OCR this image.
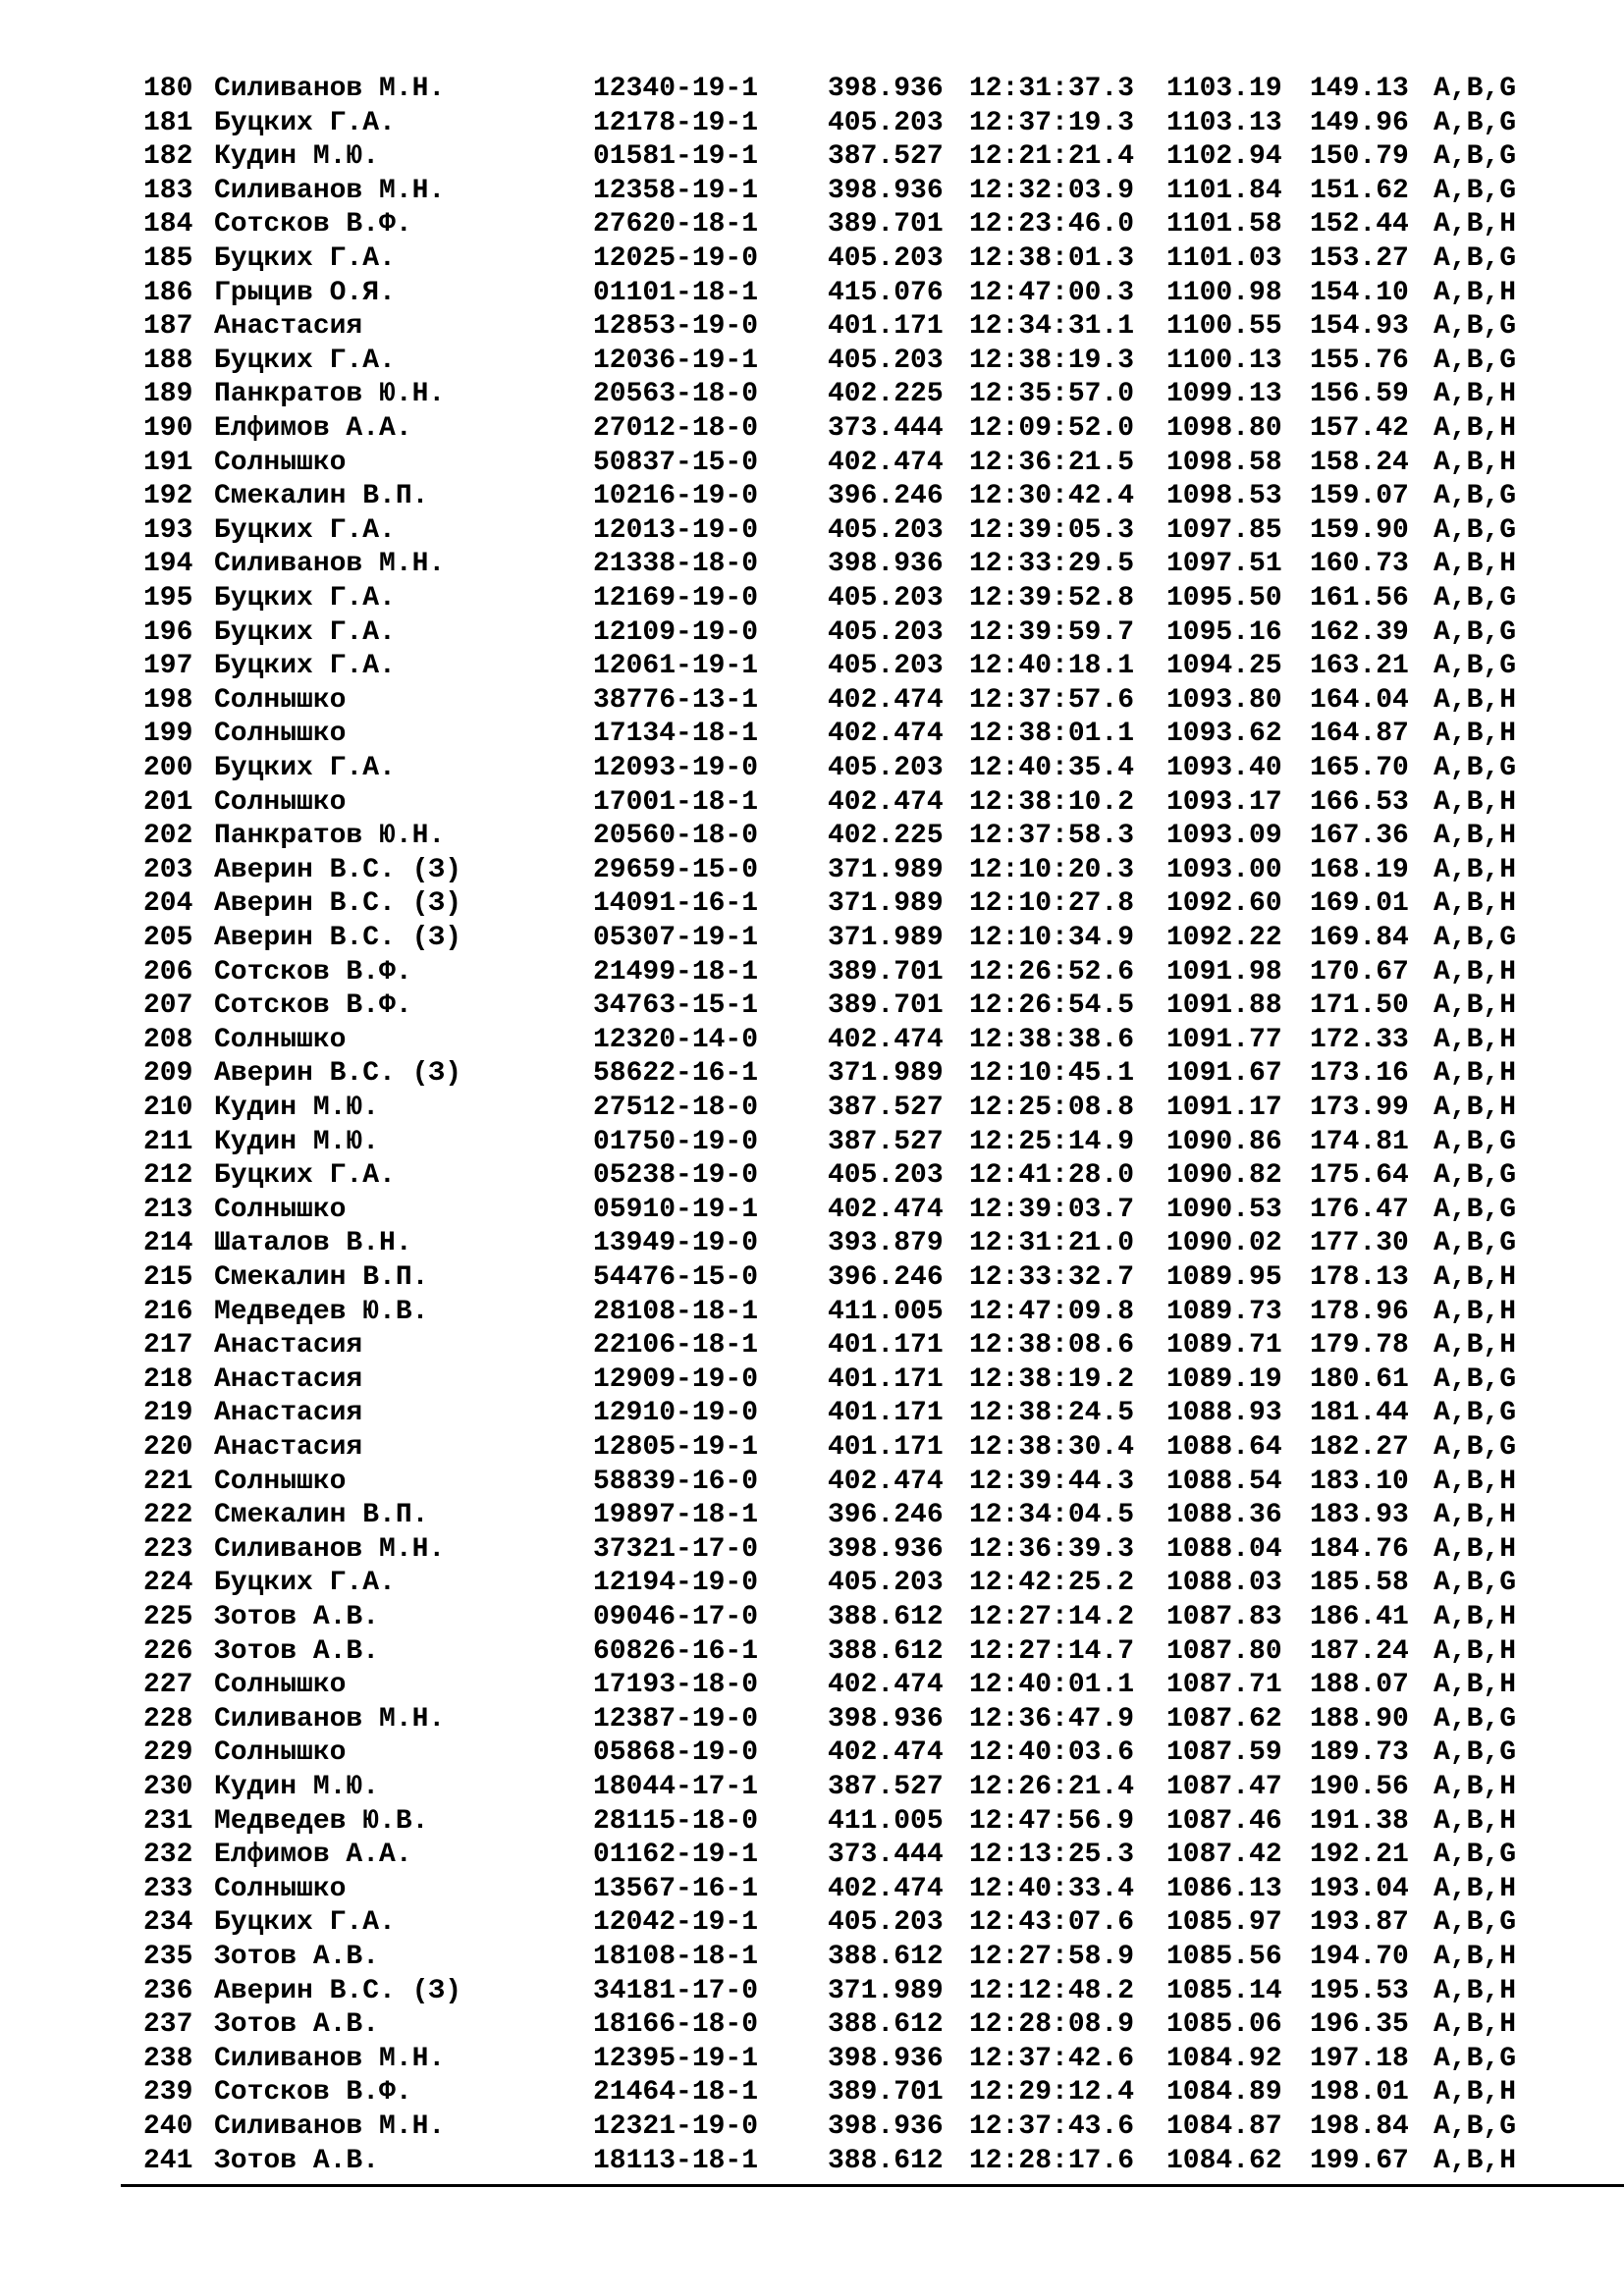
180 Силиванов М.Н.	12340-19-1	398.936 12:31:37.3 1103.19 149.13 A,B,G
181 Буцких Г.А.	12178-19-1	405.203 12:37:19.3 1103.13 149.96 A,B,G
182 Кудин М.Ю.	01581-19-1	387.527 12:21:21.4 1102.94 150.79 A,B,G
183 Силиванов М.Н.	12358-19-1	398.936 12:32:03.9 1101.84 151.62 A,B,G
184 Сотсков В.Ф.	27620-18-1	389.701 12:23:46.0 1101.58 152.44 A,B,H
185 Буцких Г.А.	12025-19-0	405.203 12:38:01.3 1101.03 153.27 A,B,G
186 Грыцив О.Я.	01101-18-1	415.076 12:47:00.3 1100.98 154.10 A,B,H
187 Анастасия	12853-19-0	401.171 12:34:31.1 1100.55 154.93 A,B,G
188 Буцких Г.А.	12036-19-1	405.203 12:38:19.3 1100.13 155.76 A,B,G
189 Панкратов Ю.Н.	20563-18-0	402.225 12:35:57.0 1099.13 156.59 A,B,H
190 Елфимов А.А.	27012-18-0	373.444 12:09:52.0 1098.80 157.42 A,B,H
191 Солнышко	50837-15-0	402.474 12:36:21.5 1098.58 158.24 A,B,H
192 Смекалин В.П.	10216-19-0	396.246 12:30:42.4 1098.53 159.07 A,B,G
193 Буцких Г.А.	12013-19-0	405.203 12:39:05.3 1097.85 159.90 A,B,G
194 Силиванов М.Н.	21338-18-0	398.936 12:33:29.5 1097.51 160.73 A,B,H
195 Буцких Г.А.	12169-19-0	405.203 12:39:52.8 1095.50 161.56 A,B,G
196 Буцких Г.А.	12109-19-0	405.203 12:39:59.7 1095.16 162.39 A,B,G
197 Буцких Г.А.	12061-19-1	405.203 12:40:18.1 1094.25 163.21 A,B,G
198 Солнышко	38776-13-1	402.474 12:37:57.6 1093.80 164.04 A,B,H
199 Солнышко	17134-18-1	402.474 12:38:01.1 1093.62 164.87 A,B,H
200 Буцких Г.А.	12093-19-0	405.203 12:40:35.4 1093.40 165.70 A,B,G
201 Солнышко	17001-18-1	402.474 12:38:10.2 1093.17 166.53 A,B,H
202 Панкратов Ю.Н.	20560-18-0	402.225 12:37:58.3 1093.09 167.36 A,B,H
203 Аверин В.С. (З)	29659-15-0	371.989 12:10:20.3 1093.00 168.19 A,B,H
204 Аверин В.С. (З)	14091-16-1	371.989 12:10:27.8 1092.60 169.01 A,B,H
205 Аверин В.С. (З)	05307-19-1	371.989 12:10:34.9 1092.22 169.84 A,B,G
206 Сотсков В.Ф.	21499-18-1	389.701 12:26:52.6 1091.98 170.67 A,B,H
207 Сотсков В.Ф.	34763-15-1	389.701 12:26:54.5 1091.88 171.50 A,B,H
208 Солнышко	12320-14-0	402.474 12:38:38.6 1091.77 172.33 A,B,H
209 Аверин В.С. (З)	58622-16-1	371.989 12:10:45.1 1091.67 173.16 A,B,H
210 Кудин М.Ю.	27512-18-0	387.527 12:25:08.8 1091.17 173.99 A,B,H
211 Кудин М.Ю.	01750-19-0	387.527 12:25:14.9 1090.86 174.81 A,B,G
212 Буцких Г.А.	05238-19-0	405.203 12:41:28.0 1090.82 175.64 A,B,G
213 Солнышко	05910-19-1	402.474 12:39:03.7 1090.53 176.47 A,B,G
214 Шаталов В.Н.	13949-19-0	393.879 12:31:21.0 1090.02 177.30 A,B,G
215 Смекалин В.П.	54476-15-0	396.246 12:33:32.7 1089.95 178.13 A,B,H
216 Медведев Ю.В.	28108-18-1	411.005 12:47:09.8 1089.73 178.96 A,B,H
217 Анастасия	22106-18-1	401.171 12:38:08.6 1089.71 179.78 A,B,H
218 Анастасия	12909-19-0	401.171 12:38:19.2 1089.19 180.61 A,B,G
219 Анастасия	12910-19-0	401.171 12:38:24.5 1088.93 181.44 A,B,G
220 Анастасия	12805-19-1	401.171 12:38:30.4 1088.64 182.27 A,B,G
221 Солнышко	58839-16-0	402.474 12:39:44.3 1088.54 183.10 A,B,H
222 Смекалин В.П.	19897-18-1	396.246 12:34:04.5 1088.36 183.93 A,B,H
223 Силиванов М.Н.	37321-17-0	398.936 12:36:39.3 1088.04 184.76 A,B,H
224 Буцких Г.А.	12194-19-0	405.203 12:42:25.2 1088.03 185.58 A,B,G
225 Зотов А.В.	09046-17-0	388.612 12:27:14.2 1087.83 186.41 A,B,H
226 Зотов А.В.	60826-16-1	388.612 12:27:14.7 1087.80 187.24 A,B,H
227 Солнышко	17193-18-0	402.474 12:40:01.1 1087.71 188.07 A,B,H
228 Силиванов М.Н.	12387-19-0	398.936 12:36:47.9 1087.62 188.90 A,B,G
229 Солнышко	05868-19-0	402.474 12:40:03.6 1087.59 189.73 A,B,G
230 Кудин М.Ю.	18044-17-1	387.527 12:26:21.4 1087.47 190.56 A,B,H
231 Медведев Ю.В.	28115-18-0	411.005 12:47:56.9 1087.46 191.38 A,B,H
232 Елфимов А.А.	01162-19-1	373.444 12:13:25.3 1087.42 192.21 A,B,G
233 Солнышко	13567-16-1	402.474 12:40:33.4 1086.13 193.04 A,B,H
234 Буцких Г.А.	12042-19-1	405.203 12:43:07.6 1085.97 193.87 A,B,G
235 Зотов А.В.	18108-18-1	388.612 12:27:58.9 1085.56 194.70 A,B,H
236 Аверин В.С. (З)	34181-17-0	371.989 12:12:48.2 1085.14 195.53 A,B,H
237 Зотов А.В.	18166-18-0	388.612 12:28:08.9 1085.06 196.35 A,B,H
238 Силиванов М.Н.	12395-19-1	398.936 12:37:42.6 1084.92 197.18 A,B,G
239 Сотсков В.Ф.	21464-18-1	389.701 12:29:12.4 1084.89 198.01 A,B,H
240 Силиванов М.Н.	12321-19-0	398.936 12:37:43.6 1084.87 198.84 A,B,G
241 Зотов А.В.	18113-18-1	388.612 12:28:17.6 1084.62 199.67 A,B,H
